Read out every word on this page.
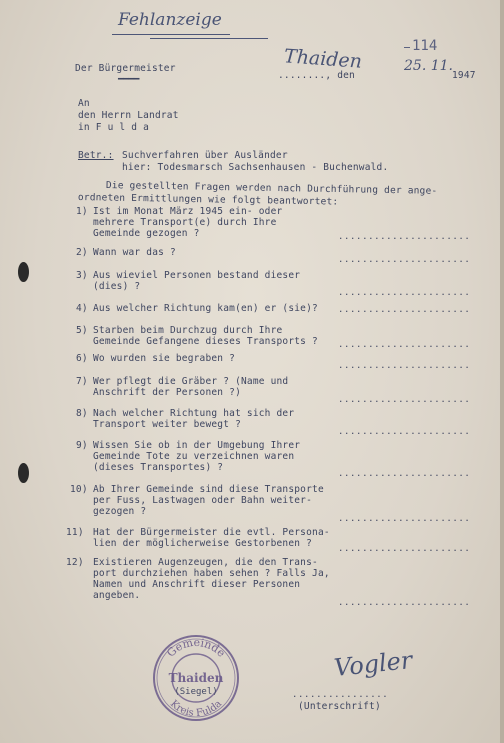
Fehlanzeige
114
Der Bürgermeister
━━━━
Thaiden
........, den
25. 11.
1947
An
den Herrn Landrat
in F u l d a
Betr.: Suchverfahren über Ausländer
hier: Todesmarsch Sachsenhausen - Buchenwald.
Die gestellten Fragen werden nach Durchführung der ange-
ordneten Ermittlungen wie folgt beantwortet:
1) Ist im Monat März 1945 ein- oder
mehrere Transport(e) durch Ihre
Gemeinde gezogen ?	......................
2) Wann war das ?
......................
3) Aus wieviel Personen bestand dieser
(dies) ?
......................
4) Aus welcher Richtung kam(en) er (sie)? ......................
5) Starben beim Durchzug durch Ihre
Gemeinde Gefangene dieses Transports ? ......................
6) Wo wurden sie begraben ?
......................
7) Wer pflegt die Gräber ? (Name und
Anschrift der Personen ?)
......................
8) Nach welcher Richtung hat sich der
Transport weiter bewegt ?
......................
9) Wissen Sie ob in der Umgebung Ihrer
Gemeinde Tote zu verzeichnen waren
(dieses Transportes) ?
......................
10) Ab Ihrer Gemeinde sind diese Transporte
per Fuss, Lastwagen oder Bahn weiter-
gezogen ?
......................
11) Hat der Bürgermeister die evtl. Persona-
lien der möglicherweise Gestorbenen ?	......................
12) Existieren Augenzeugen, die den Trans-
port durchziehen haben sehen ? Falls Ja,
Namen und Anschrift dieser Personen
angeben.
......................
Gemeinde
Kreis Fulda
Thaiden
(Siegel)
Vogler
................
(Unterschrift)
